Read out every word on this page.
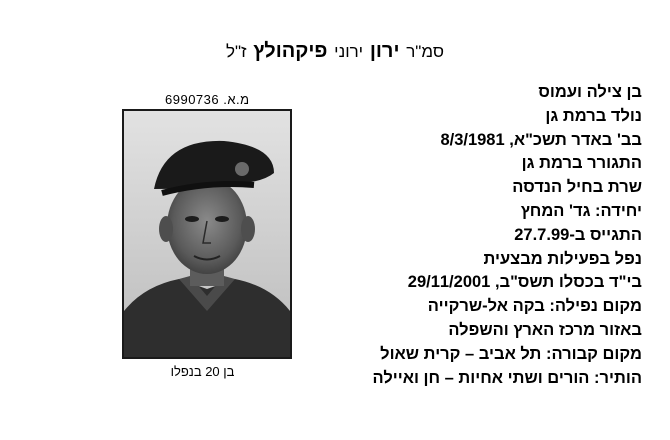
סמ"ר ירון ירוני פיקהולץ ז"ל
מ.א. 6990736
בן 20 בנפלו
בן צילה ועמוס
נולד ברמת גן
בב' באדר תשכ"א, 8/3/1981
התגורר ברמת גן
שרת בחיל הנדסה
יחידה: גד' המחץ
התגייס ב-27.7.99
נפל בפעילות מבצעית
בי"ד בכסלו תשס"ב, 29/11/2001
מקום נפילה: בקה אל-שרקייה
באזור מרכז הארץ והשפלה
מקום קבורה: תל אביב – קרית שאול
הותיר: הורים ושתי אחיות – חן ואיילה
